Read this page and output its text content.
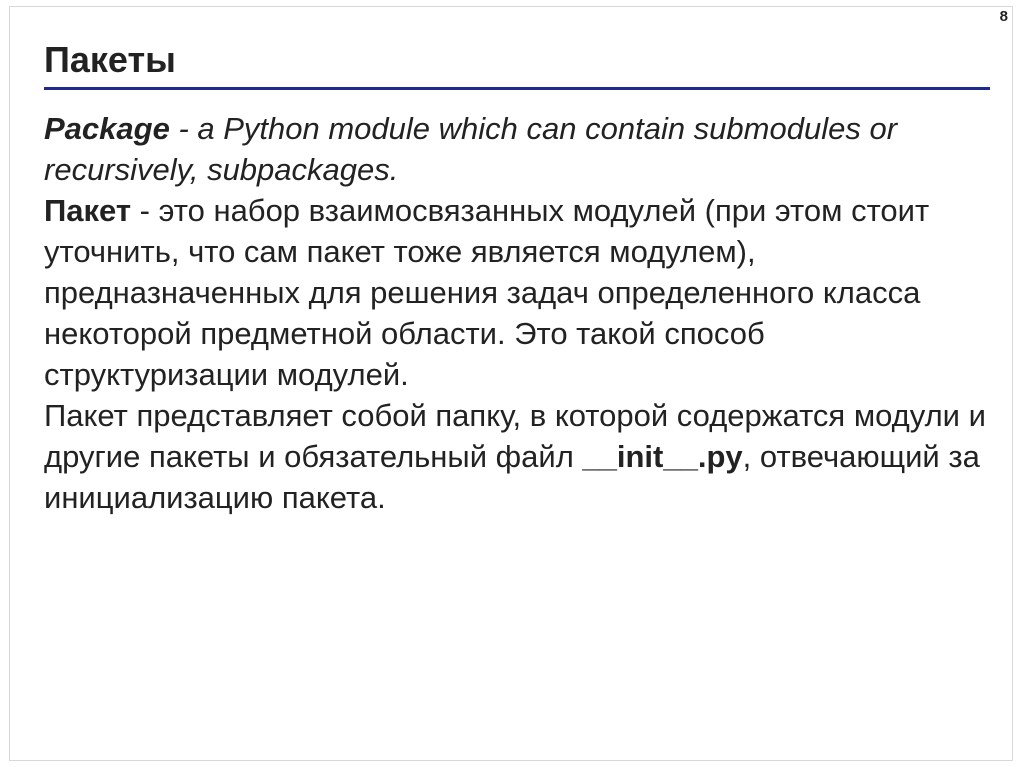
8
Пакеты

Package - a Python module which can contain submodules or
recursively, subpackages.

Пакет - это набор взаимосвязанных модулей (при этом стоит уточнить, что сам пакет тоже является модулем), предназначенных для решения задач определенного класса некоторой предметной области. Это такой способ структуризации модулей.

Пакет представляет собой папку, в которой содержатся модули и другие пакеты и обязательный файл __init__.py, отвечающий за инициализацию пакета.
